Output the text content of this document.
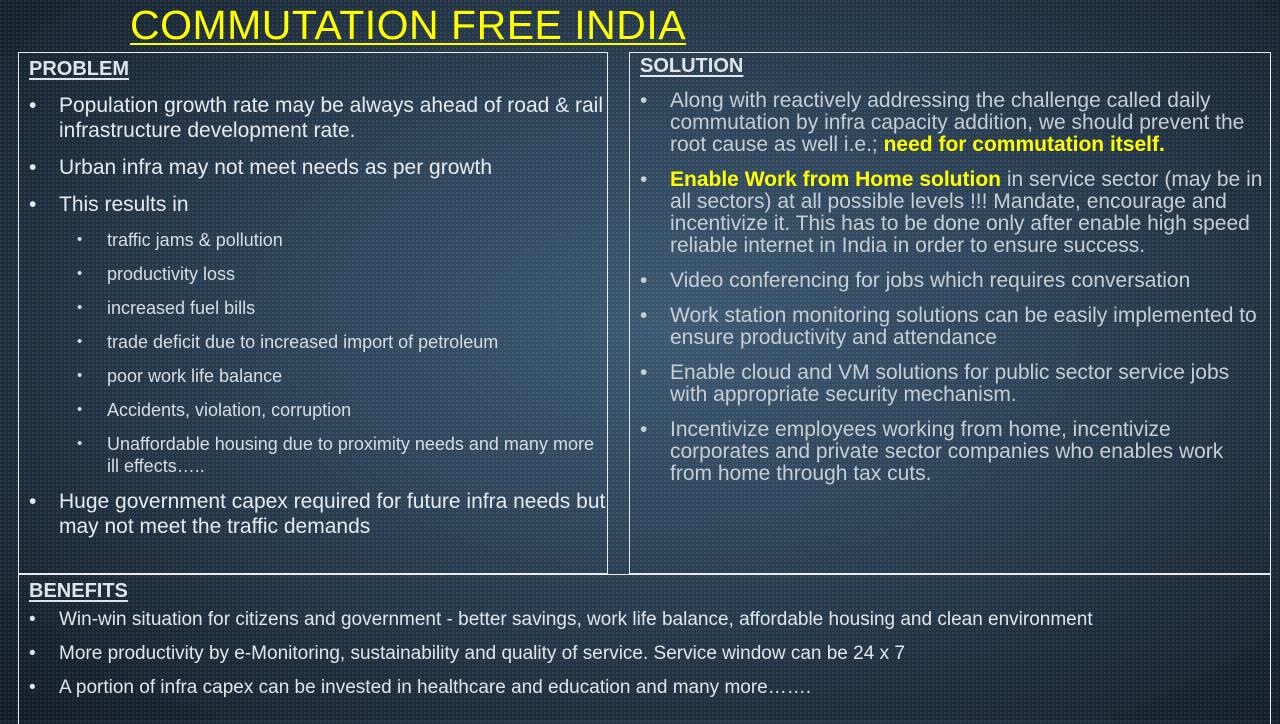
COMMUTATION FREE INDIA
PROBLEM
• Population growth rate may be always ahead of road & rail infrastructure development rate.
• Urban infra may not meet needs as per growth
• This results in
• traffic jams & pollution
• productivity loss
• increased fuel bills
• trade deficit due to increased import of petroleum
• poor work life balance
• Accidents, violation, corruption
• Unaffordable housing due to proximity needs and many more ill effects…..
• Huge government capex required for future infra needs but may not meet the traffic demands
SOLUTION
• Along with reactively addressing the challenge called daily commutation by infra capacity addition, we should prevent the root cause as well i.e.; need for commutation itself.
• Enable Work from Home solution in service sector (may be in all sectors) at all possible levels !!! Mandate, encourage and incentivize it. This has to be done only after enable high speed reliable internet in India in order to ensure success.
• Video conferencing for jobs which requires conversation
• Work station monitoring solutions can be easily implemented to ensure productivity and attendance
• Enable cloud and VM solutions for public sector service jobs with appropriate security mechanism.
• Incentivize employees working from home, incentivize corporates and private sector companies who enables work from home through tax cuts.
BENEFITS
• Win-win situation for citizens and government - better savings, work life balance, affordable housing and clean environment
• More productivity by e-Monitoring, sustainability and quality of service. Service window can be 24 x 7
• A portion of infra capex can be invested in healthcare and education and many more…….
